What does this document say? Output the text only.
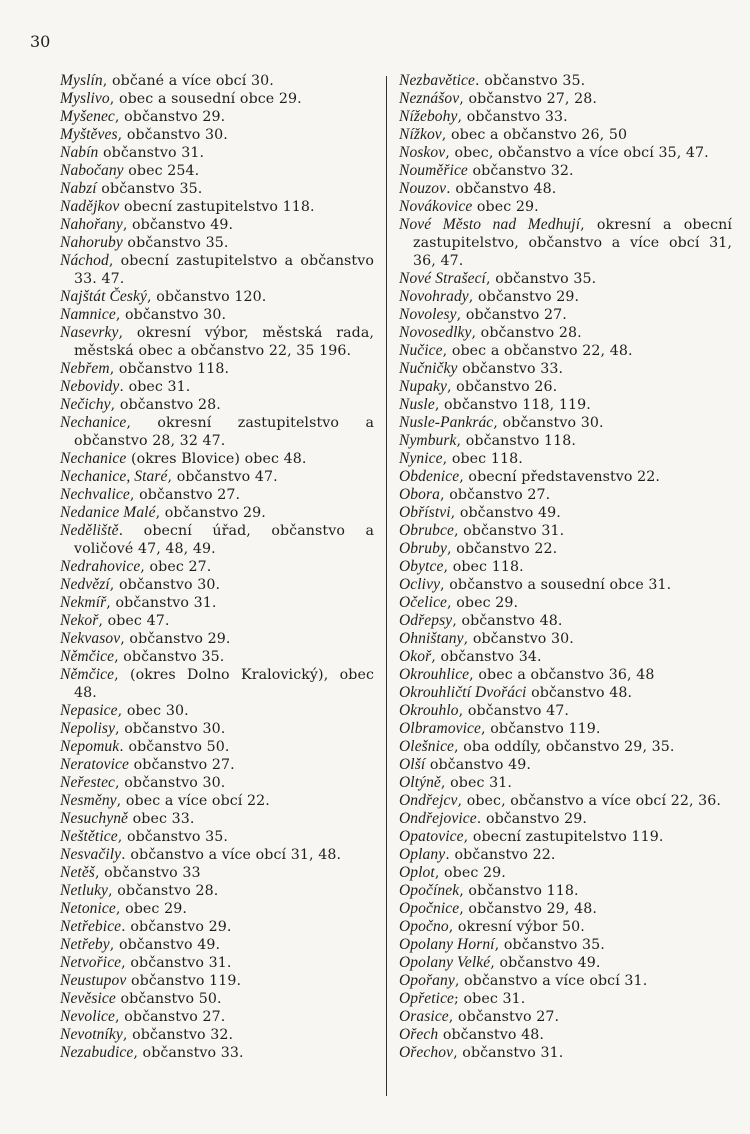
30
Myslín, občané a více obcí 30.
Myslivo, obec a sousední obce 29.
Myšenec, občanstvo 29.
Myštěves, občanstvo 30.
Nabín občanstvo 31.
Nabočany obec 254.
Nabzí občanstvo 35.
Nadějkov obecní zastupitelstvo 118.
Nahořany, občanstvo 49.
Nahoruby občanstvo 35.
Náchod, obecní zastupitelstvo a občanstvo 33. 47.
Najštát Český, občanstvo 120.
Namnice, občanstvo 30.
Nasevrky, okresní výbor, městská rada, městská obec a občanstvo 22, 35 196.
Nebřem, občanstvo 118.
Nebovidy. obec 31.
Nečichy, občanstvo 28.
Nechanice, okresní zastupitelstvo a občanstvo 28, 32 47.
Nechanice (okres Blovice) obec 48.
Nechanice, Staré, občanstvo 47.
Nechvalice, občanstvo 27.
Nedanice Malé, občanstvo 29.
Neděliště. obecní úřad, občanstvo a voličové 47, 48, 49.
Nedrahovice, obec 27.
Nedvězí, občanstvo 30.
Nekmíř, občanstvo 31.
Nekoř, obec 47.
Nekvasov, občanstvo 29.
Němčice, občanstvo 35.
Němčice, (okres Dolno Kralovický), obec 48.
Nepasice, obec 30.
Nepolisy, občanstvo 30.
Nepomuk. občanstvo 50.
Neratovice občanstvo 27.
Neřestec, občanstvo 30.
Nesměny, obec a více obcí 22.
Nesuchyně obec 33.
Neštětice, občanstvo 35.
Nesvačily. občanstvo a více obcí 31, 48.
Netěš, občanstvo 33
Netluky, občanstvo 28.
Netonice, obec 29.
Netřebice. občanstvo 29.
Netřeby, občanstvo 49.
Netvořice, občanstvo 31.
Neustupov občanstvo 119.
Nevěsice občanstvo 50.
Nevolice, občanstvo 27.
Nevotníky, občanstvo 32.
Nezabudice, občanstvo 33.
Nezbavětice. občanstvo 35.
Neznášov, občanstvo 27, 28.
Nížebohy, občanstvo 33.
Nížkov, obec a občanstvo 26, 50
Noskov, obec, občanstvo a více obcí 35, 47.
Nouměřice občanstvo 32.
Nouzov. občanstvo 48.
Novákovice obec 29.
Nové Město nad Medhují, okresní a obecní zastupitelstvo, občanstvo a více obcí 31, 36, 47.
Nové Strašecí, občanstvo 35.
Novohrady, občanstvo 29.
Novolesy, občanstvo 27.
Novosedlky, občanstvo 28.
Nučice, obec a občanstvo 22, 48.
Nučničky občanstvo 33.
Nupaky, občanstvo 26.
Nusle, občanstvo 118, 119.
Nusle-Pankrác, občanstvo 30.
Nymburk, občanstvo 118.
Nynice, obec 118.
Obdenice, obecní představenstvo 22.
Obora, občanstvo 27.
Obřístvi, občanstvo 49.
Obrubce, občanstvo 31.
Obruby, občanstvo 22.
Obytce, obec 118.
Oclivy, občanstvo a sousední obce 31.
Očelice, obec 29.
Odřepsy, občanstvo 48.
Ohništany, občanstvo 30.
Okoř, občanstvo 34.
Okrouhlice, obec a občanstvo 36, 48
Okrouhličtí Dvořáci občanstvo 48.
Okrouhlo, občanstvo 47.
Olbramovice, občanstvo 119.
Olešnice, oba oddíly, občanstvo 29, 35.
Olší občanstvo 49.
Oltýně, obec 31.
Ondřejcv, obec, občanstvo a více obcí 22, 36.
Ondřejovice. občanstvo 29.
Opatovice, obecní zastupitelstvo 119.
Oplany. občanstvo 22.
Oplot, obec 29.
Opočínek, občanstvo 118.
Opočnice, občanstvo 29, 48.
Opočno, okresní výbor 50.
Opolany Horní, občanstvo 35.
Opolany Velké, občanstvo 49.
Opořany, občanstvo a více obcí 31.
Opřetice; obec 31.
Orasice, občanstvo 27.
Ořech občanstvo 48.
Ořechov, občanstvo 31.
